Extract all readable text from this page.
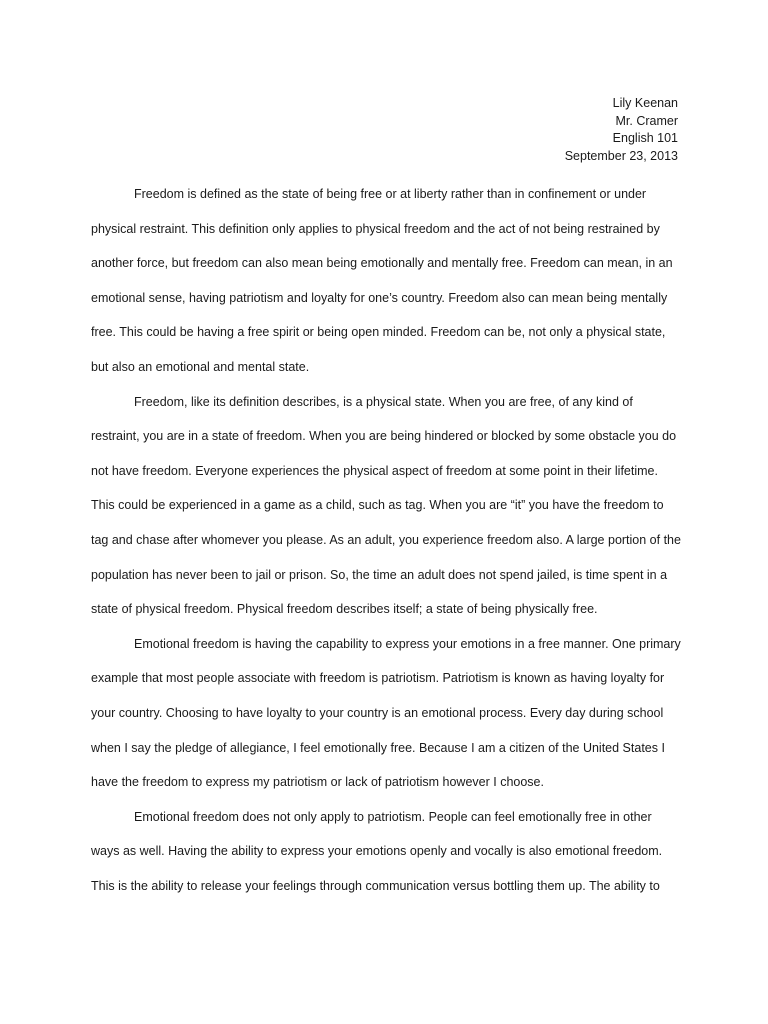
Lily Keenan
Mr. Cramer
English 101
September 23, 2013

Freedom is defined as the state of being free or at liberty rather than in confinement or under physical restraint. This definition only applies to physical freedom and the act of not being restrained by another force, but freedom can also mean being emotionally and mentally free. Freedom can mean, in an emotional sense, having patriotism and loyalty for one’s country. Freedom also can mean being mentally free. This could be having a free spirit or being open minded. Freedom can be, not only a physical state, but also an emotional and mental state.

Freedom, like its definition describes, is a physical state. When you are free, of any kind of restraint, you are in a state of freedom. When you are being hindered or blocked by some obstacle you do not have freedom. Everyone experiences the physical aspect of freedom at some point in their lifetime. This could be experienced in a game as a child, such as tag. When you are “it” you have the freedom to tag and chase after whomever you please. As an adult, you experience freedom also. A large portion of the population has never been to jail or prison. So, the time an adult does not spend jailed, is time spent in a state of physical freedom. Physical freedom describes itself; a state of being physically free.

Emotional freedom is having the capability to express your emotions in a free manner. One primary example that most people associate with freedom is patriotism. Patriotism is known as having loyalty for your country. Choosing to have loyalty to your country is an emotional process. Every day during school when I say the pledge of allegiance, I feel emotionally free. Because I am a citizen of the United States I have the freedom to express my patriotism or lack of patriotism however I choose.

Emotional freedom does not only apply to patriotism. People can feel emotionally free in other ways as well. Having the ability to express your emotions openly and vocally is also emotional freedom. This is the ability to release your feelings through communication versus bottling them up. The ability to
